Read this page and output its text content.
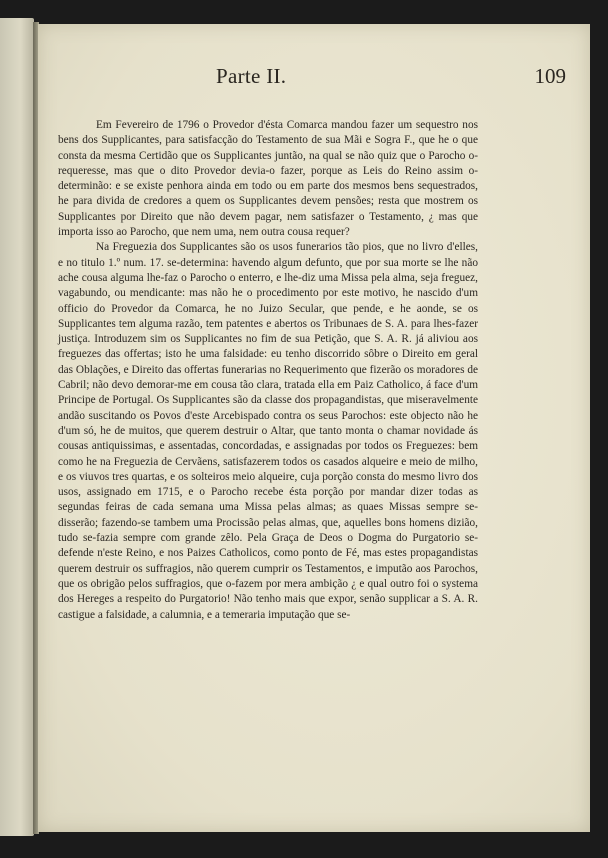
Parte II.	109

Em Fevereiro de 1796 o Provedor d'ésta Comarca mandou fazer um sequestro nos bens dos Supplicantes, para satisfacção do Testamento de sua Mãi e Sogra F., que he o que consta da mesma Certidão que os Supplicantes juntão, na qual se não quiz que o Parocho o-requeresse, mas que o dito Provedor devia-o fazer, porque as Leis do Reino assim o-determinão: e se existe penhora ainda em todo ou em parte dos mesmos bens sequestrados, he para divida de credores a quem os Supplicantes devem pensões; resta que mostrem os Supplicantes por Direito que não devem pagar, nem satisfazer o Testamento, ¿ mas que importa isso ao Parocho, que nem uma, nem outra cousa requer?

Na Freguezia dos Supplicantes são os usos funerarios tão pios, que no livro d'elles, e no titulo 1.º num. 17. se-determina: havendo algum defunto, que por sua morte se lhe não ache cousa alguma lhe-faz o Parocho o enterro, e lhe-diz uma Missa pela alma, seja freguez, vagabundo, ou mendicante: mas não he o procedimento por este motivo, he nascido d'um officio do Provedor da Comarca, he no Juizo Secular, que pende, e he aonde, se os Supplicantes tem alguma razão, tem patentes e abertos os Tribunaes de S. A. para lhes-fazer justiça. Introduzem sim os Supplicantes no fim de sua Petição, que S. A. R. já aliviou aos freguezes das offertas; isto he uma falsidade: eu tenho discorrido sôbre o Direito em geral das Oblações, e Direito das offertas funerarias no Requerimento que fizerão os moradores de Cabril; não devo demorar-me em cousa tão clara, tratada ella em Paiz Catholico, á face d'um Principe de Portugal. Os Supplicantes são da classe dos propagandistas, que miseravelmente andão suscitando os Povos d'este Arcebispado contra os seus Parochos: este objecto não he d'um só, he de muitos, que querem destruir o Altar, que tanto monta o chamar novidade ás cousas antiquissimas, e assentadas, concordadas, e assignadas por todos os Freguezes: bem como he na Freguezia de Cervãens, satisfazerem todos os casados alqueire e meio de milho, e os viuvos tres quartas, e os solteiros meio alqueire, cuja porção consta do mesmo livro dos usos, assignado em 1715, e o Parocho recebe ésta porção por mandar dizer todas as segundas feiras de cada semana uma Missa pelas almas; as quaes Missas sempre se-disserão; fazendo-se tambem uma Procissão pelas almas, que, aquelles bons homens dizião, tudo se-fazia sempre com grande zêlo. Pela Graça de Deos o Dogma do Purgatorio se-defende n'este Reino, e nos Paizes Catholicos, como ponto de Fé, mas estes propagandistas querem destruir os suffragios, não querem cumprir os Testamentos, e imputão aos Parochos, que os obrigão pelos suffragios, que o-fazem por mera ambição ¿ e qual outro foi o systema dos Hereges a respeito do Purgatorio! Não tenho mais que expor, senão supplicar a S. A. R. castigue a falsidade, a calumnia, e a temeraria imputação que se-
